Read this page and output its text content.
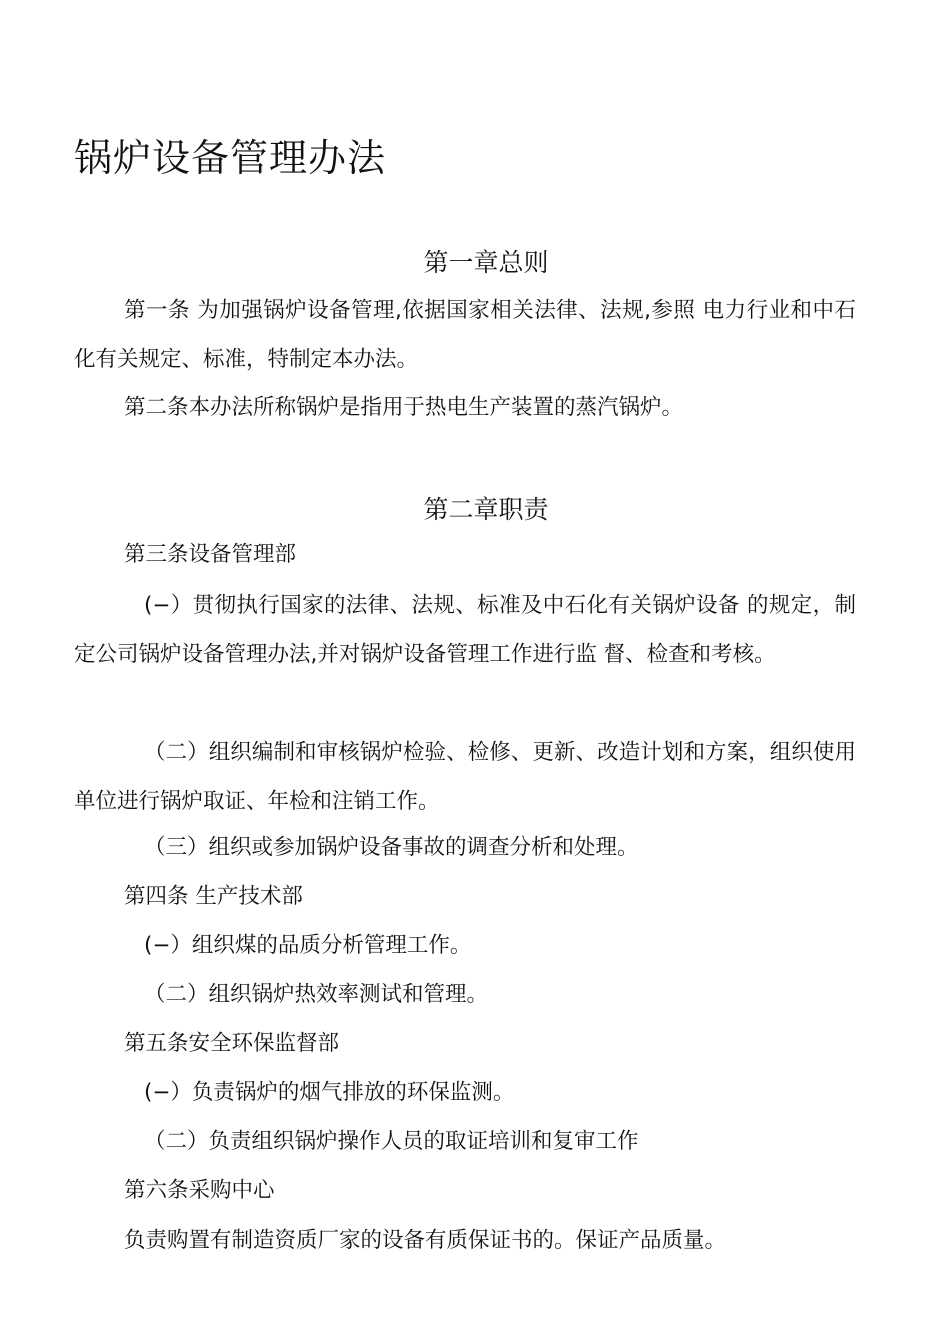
锅炉设备管理办法
第一章总则

第一条 为加强锅炉设备管理,依据国家相关法律、法规,参照 电力行业和中石化有关规定、标准，特制定本办法。

第二条本办法所称锅炉是指用于热电生产装置的蒸汽锅炉。

第二章职责

第三条设备管理部

(−）贯彻执行国家的法律、法规、标准及中石化有关锅炉设备 的规定，制定公司锅炉设备管理办法,并对锅炉设备管理工作进行监 督、检查和考核。

（二）组织编制和审核锅炉检验、检修、更新、改造计划和方案，组织使用单位进行锅炉取证、年检和注销工作。

（三）组织或参加锅炉设备事故的调查分析和处理。

第四条 生产技术部

(−）组织煤的品质分析管理工作。

（二）组织锅炉热效率测试和管理。

第五条安全环保监督部

(−）负责锅炉的烟气排放的环保监测。

（二）负责组织锅炉操作人员的取证培训和复审工作

第六条采购中心

负责购置有制造资质厂家的设备有质保证书的。保证产品质量。
